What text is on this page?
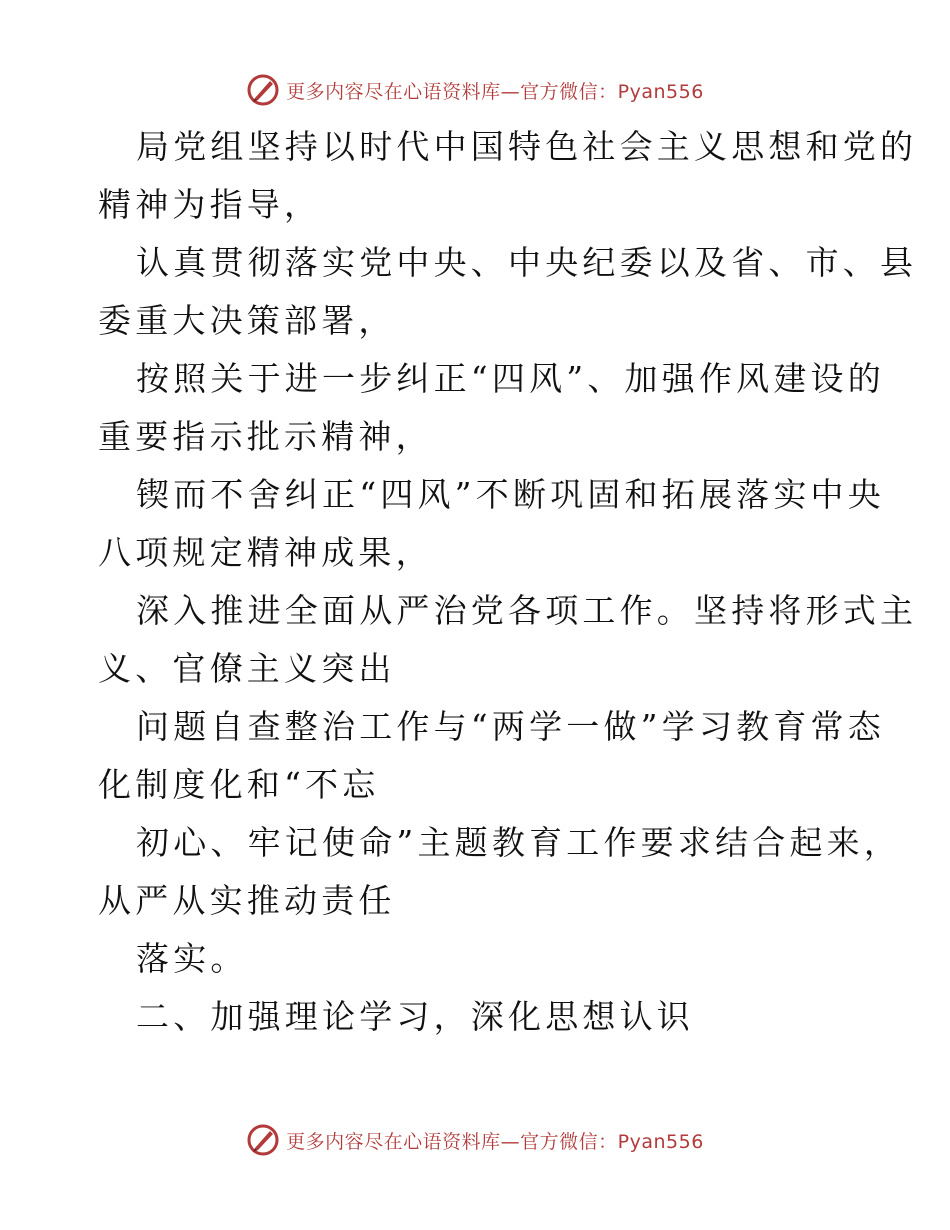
更多内容尽在心语资料库—官方微信：Pyan556
局党组坚持以时代中国特色社会主义思想和党的
精神为指导，
认真贯彻落实党中央、中央纪委以及省、市、县
委重大决策部署，
按照关于进一步纠正“四风”、加强作风建设的
重要指示批示精神，
锲而不舍纠正“四风”不断巩固和拓展落实中央
八项规定精神成果，
深入推进全面从严治党各项工作。坚持将形式主
义、官僚主义突出
问题自查整治工作与“两学一做”学习教育常态
化制度化和“不忘
初心、牢记使命”主题教育工作要求结合起来，
从严从实推动责任
落实。
二、加强理论学习，深化思想认识
更多内容尽在心语资料库—官方微信：Pyan556
